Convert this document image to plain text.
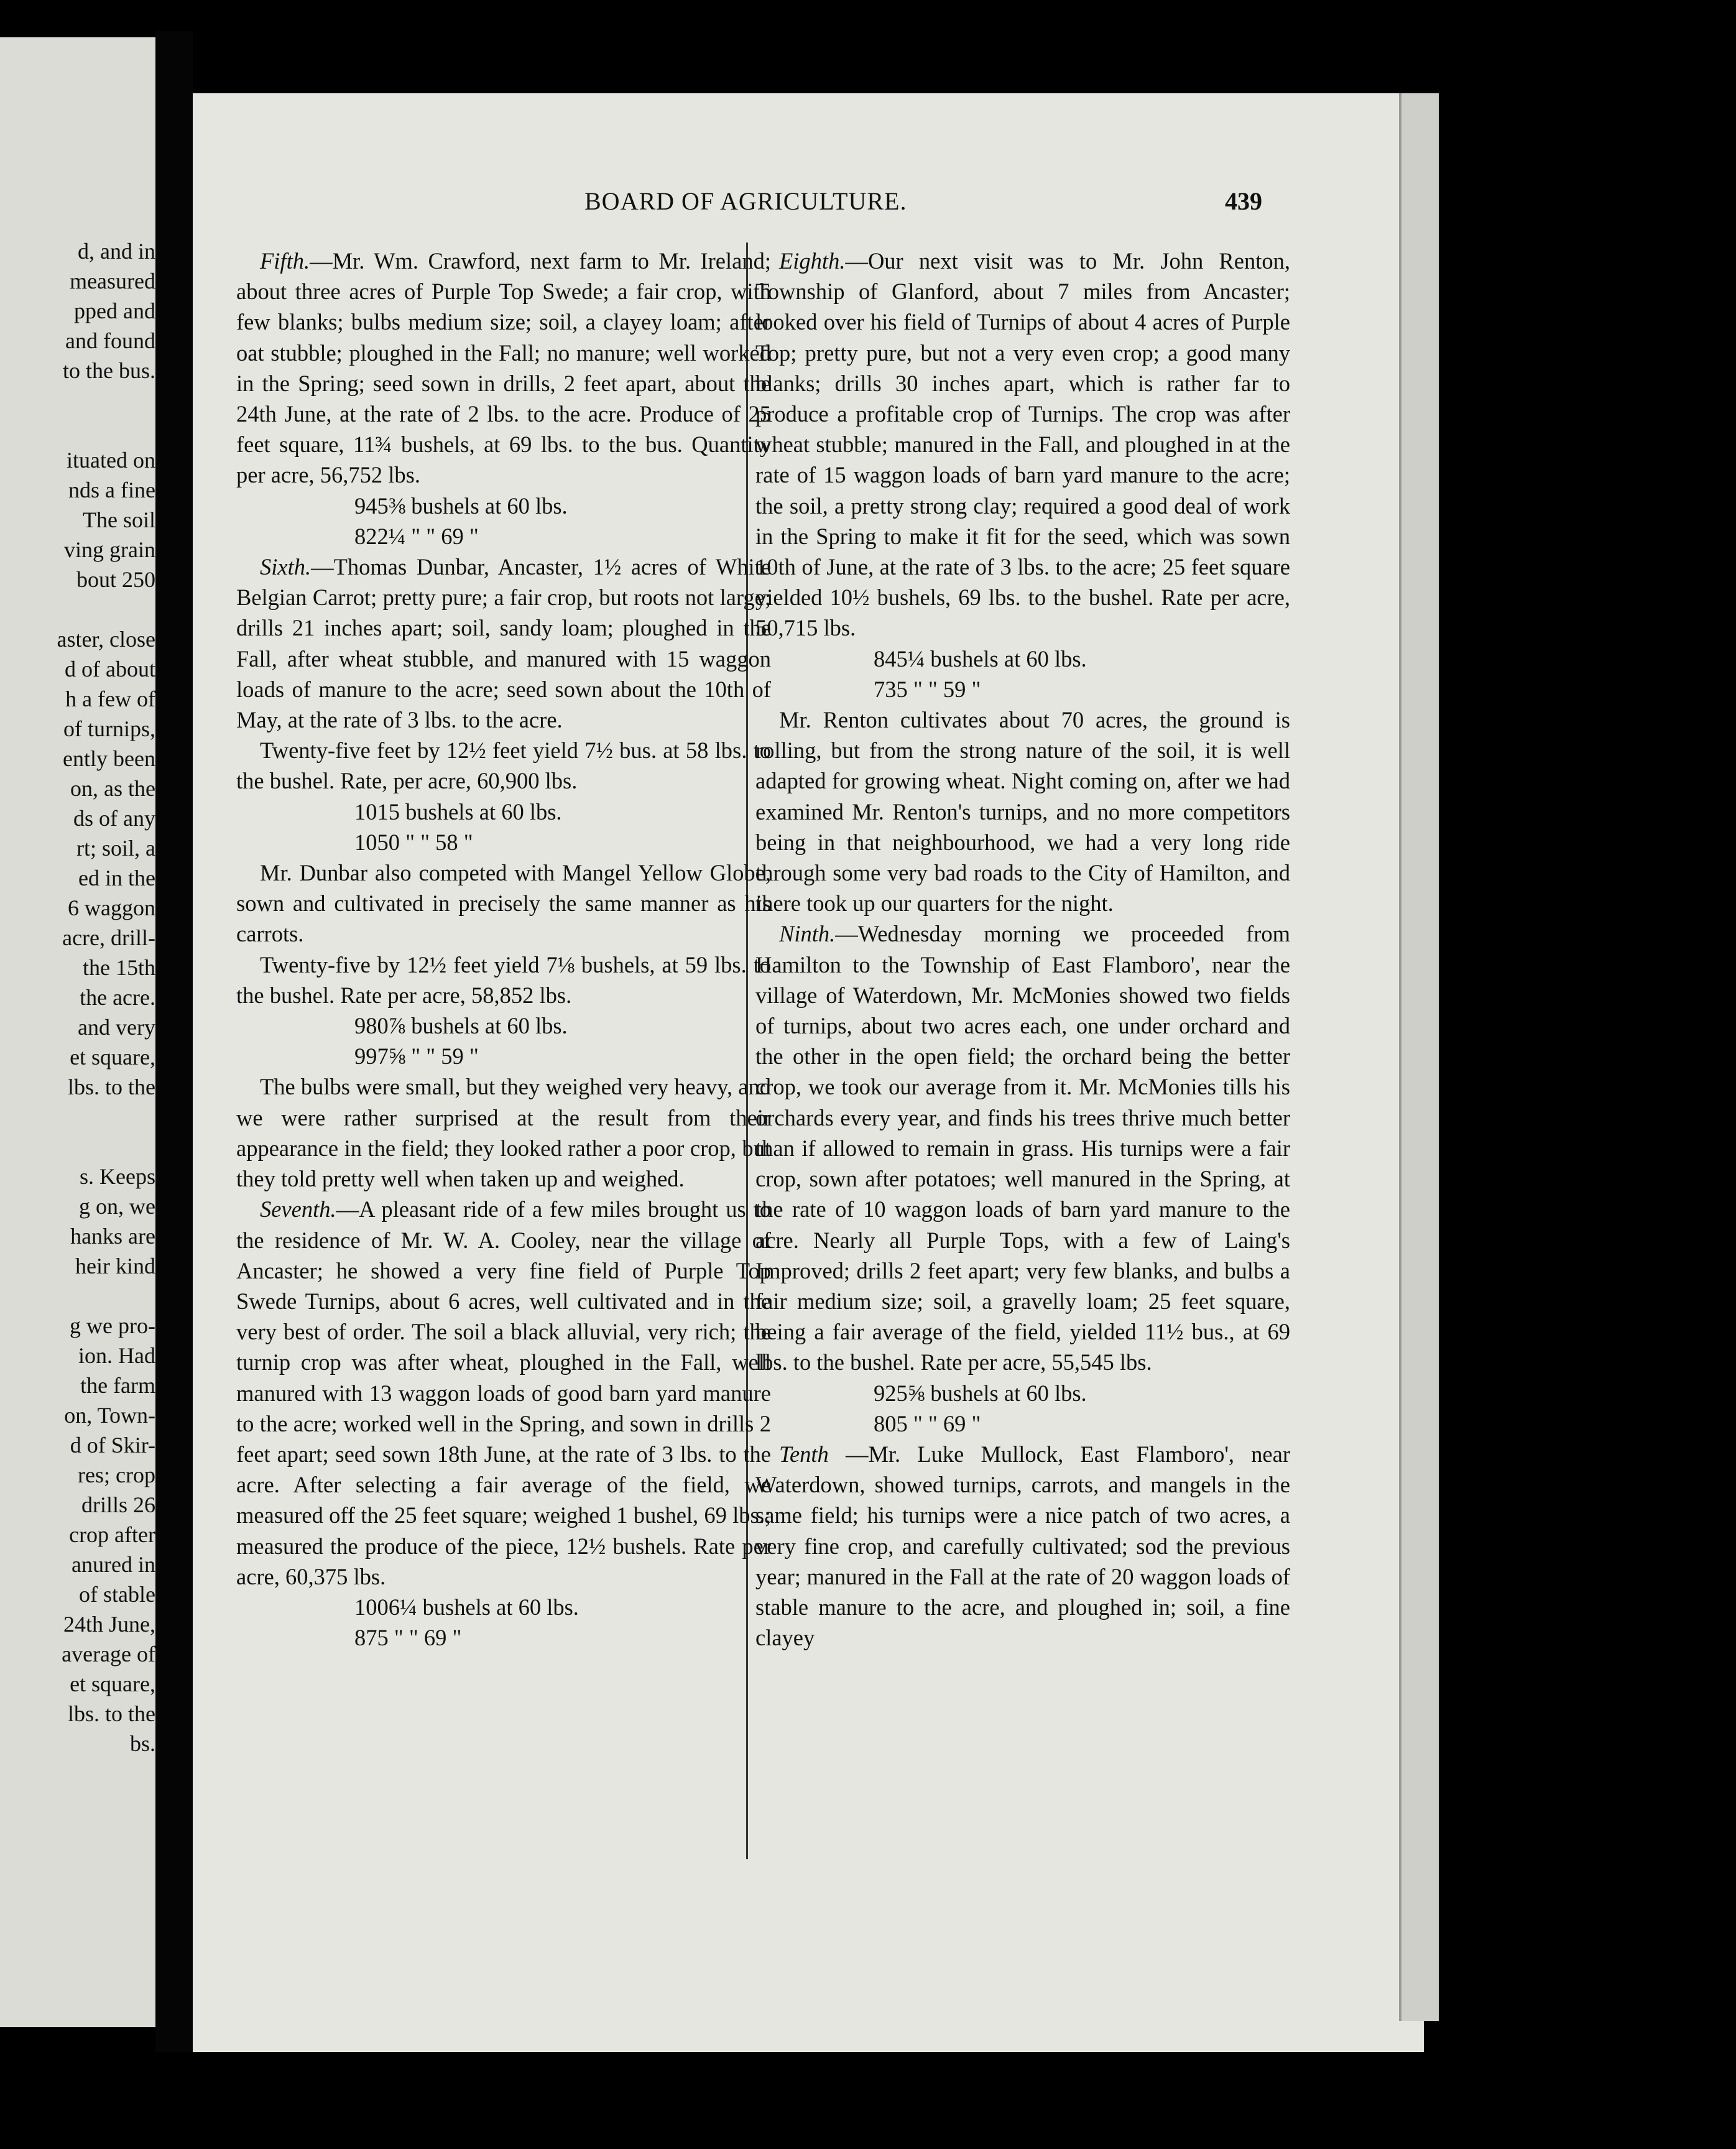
d, and in
measured
pped and
and found
to the bus.
ituated on
nds a fine
The soil
ving grain
bout 250
aster, close
d of about
h a few of
of turnips,
ently been
on, as the
ds of any
rt; soil, a
ed in the
6 waggon
acre, drill-
the 15th
the acre.
and very
et square,
lbs. to the
s. Keeps
g on, we
hanks are
heir kind
g we pro-
ion. Had
the farm
on, Town-
d of Skir-
res; crop
drills 26
crop after
anured in
of stable
24th June,
average of
et square,
lbs. to the
bs.
BOARD OF AGRICULTURE.	439

Fifth.—Mr. Wm. Crawford, next farm to Mr. Ireland; about three acres of Purple Top Swede; a fair crop, with few blanks; bulbs medium size; soil, a clayey loam; after oat stubble; ploughed in the Fall; no manure; well worked in the Spring; seed sown in drills, 2 feet apart, about the 24th June, at the rate of 2 lbs. to the acre. Produce of 25 feet square, 11¾ bushels, at 69 lbs. to the bus. Quantity per acre, 56,752 lbs.

945⅜ bushels at 60 lbs.
822¼ " " 69 "

Sixth.—Thomas Dunbar, Ancaster, 1½ acres of White Belgian Carrot; pretty pure; a fair crop, but roots not large; drills 21 inches apart; soil, sandy loam; ploughed in the Fall, after wheat stubble, and manured with 15 waggon loads of manure to the acre; seed sown about the 10th of May, at the rate of 3 lbs. to the acre.

Twenty-five feet by 12½ feet yield 7½ bus. at 58 lbs. to the bushel. Rate, per acre, 60,900 lbs.

1015 bushels at 60 lbs.
1050 " " 58 "

Mr. Dunbar also competed with Mangel Yellow Globe, sown and cultivated in precisely the same manner as his carrots.

Twenty-five by 12½ feet yield 7⅛ bushels, at 59 lbs. to the bushel. Rate per acre, 58,852 lbs.

980⅞ bushels at 60 lbs.
997⅝ " " 59 "

The bulbs were small, but they weighed very heavy, and we were rather surprised at the result from their appearance in the field; they looked rather a poor crop, but they told pretty well when taken up and weighed.

Seventh.—A pleasant ride of a few miles brought us to the residence of Mr. W. A. Cooley, near the village of Ancaster; he showed a very fine field of Purple Top Swede Turnips, about 6 acres, well cultivated and in the very best of order. The soil a black alluvial, very rich; the turnip crop was after wheat, ploughed in the Fall, well manured with 13 waggon loads of good barn yard manure to the acre; worked well in the Spring, and sown in drills 2 feet apart; seed sown 18th June, at the rate of 3 lbs. to the acre. After selecting a fair average of the field, we measured off the 25 feet square; weighed 1 bushel, 69 lbs.; measured the produce of the piece, 12½ bushels. Rate per acre, 60,375 lbs.

1006¼ bushels at 60 lbs.
875 " " 69 "

Eighth.—Our next visit was to Mr. John Renton, Township of Glanford, about 7 miles from Ancaster; looked over his field of Turnips of about 4 acres of Purple Top; pretty pure, but not a very even crop; a good many blanks; drills 30 inches apart, which is rather far to produce a profitable crop of Turnips. The crop was after wheat stubble; manured in the Fall, and ploughed in at the rate of 15 waggon loads of barn yard manure to the acre; the soil, a pretty strong clay; required a good deal of work in the Spring to make it fit for the seed, which was sown 10th of June, at the rate of 3 lbs. to the acre; 25 feet square yielded 10½ bushels, 69 lbs. to the bushel. Rate per acre, 50,715 lbs.

845¼ bushels at 60 lbs.
735 " " 59 "

Mr. Renton cultivates about 70 acres, the ground is rolling, but from the strong nature of the soil, it is well adapted for growing wheat. Night coming on, after we had examined Mr. Renton's turnips, and no more competitors being in that neighbourhood, we had a very long ride through some very bad roads to the City of Hamilton, and there took up our quarters for the night.

Ninth.—Wednesday morning we proceeded from Hamilton to the Township of East Flamboro', near the village of Waterdown, Mr. McMonies showed two fields of turnips, about two acres each, one under orchard and the other in the open field; the orchard being the better crop, we took our average from it. Mr. McMonies tills his orchards every year, and finds his trees thrive much better than if allowed to remain in grass. His turnips were a fair crop, sown after potatoes; well manured in the Spring, at the rate of 10 waggon loads of barn yard manure to the acre. Nearly all Purple Tops, with a few of Laing's Improved; drills 2 feet apart; very few blanks, and bulbs a fair medium size; soil, a gravelly loam; 25 feet square, being a fair average of the field, yielded 11½ bus., at 69 lbs. to the bushel. Rate per acre, 55,545 lbs.

925⅝ bushels at 60 lbs.
805 " " 69 "

Tenth —Mr. Luke Mullock, East Flamboro', near Waterdown, showed turnips, carrots, and mangels in the same field; his turnips were a nice patch of two acres, a very fine crop, and carefully cultivated; sod the previous year; manured in the Fall at the rate of 20 waggon loads of stable manure to the acre, and ploughed in; soil, a fine clayey
